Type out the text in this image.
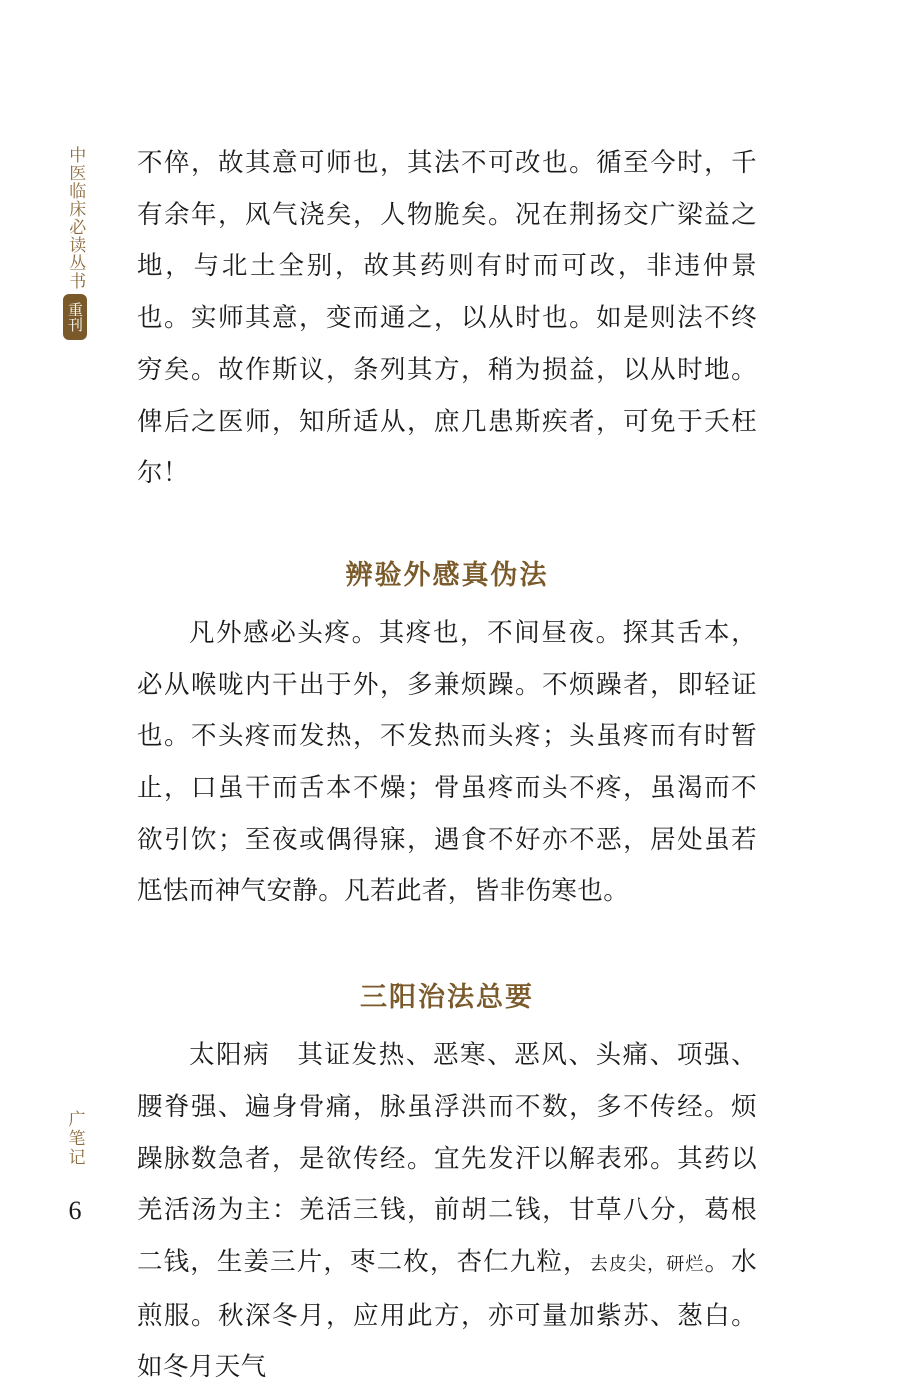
中医临床必读丛书
重刊
广笔记
6

不倅，故其意可师也，其法不可改也。循至今时，千有余年，风气浇矣，人物脆矣。况在荆扬交广梁益之地，与北土全别，故其药则有时而可改，非违仲景也。实师其意，变而通之，以从时也。如是则法不终穷矣。故作斯议，条列其方，稍为损益，以从时地。俾后之医师，知所适从，庶几患斯疾者，可免于夭枉尔！

辨验外感真伪法

凡外感必头疼。其疼也，不间昼夜。探其舌本，必从喉咙内干出于外，多兼烦躁。不烦躁者，即轻证也。不头疼而发热，不发热而头疼；头虽疼而有时暂止，口虽干而舌本不燥；骨虽疼而头不疼，虽渴而不欲引饮；至夜或偶得寐，遇食不好亦不恶，居处虽若尪怯而神气安静。凡若此者，皆非伤寒也。

三阳治法总要

太阳病　其证发热、恶寒、恶风、头痛、项强、腰脊强、遍身骨痛，脉虽浮洪而不数，多不传经。烦躁脉数急者，是欲传经。宜先发汗以解表邪。其药以羌活汤为主：羌活三钱，前胡二钱，甘草八分，葛根二钱，生姜三片，枣二枚，杏仁九粒，去皮尖，研烂。水煎服。秋深冬月，应用此方，亦可量加紫苏、葱白。如冬月天气
